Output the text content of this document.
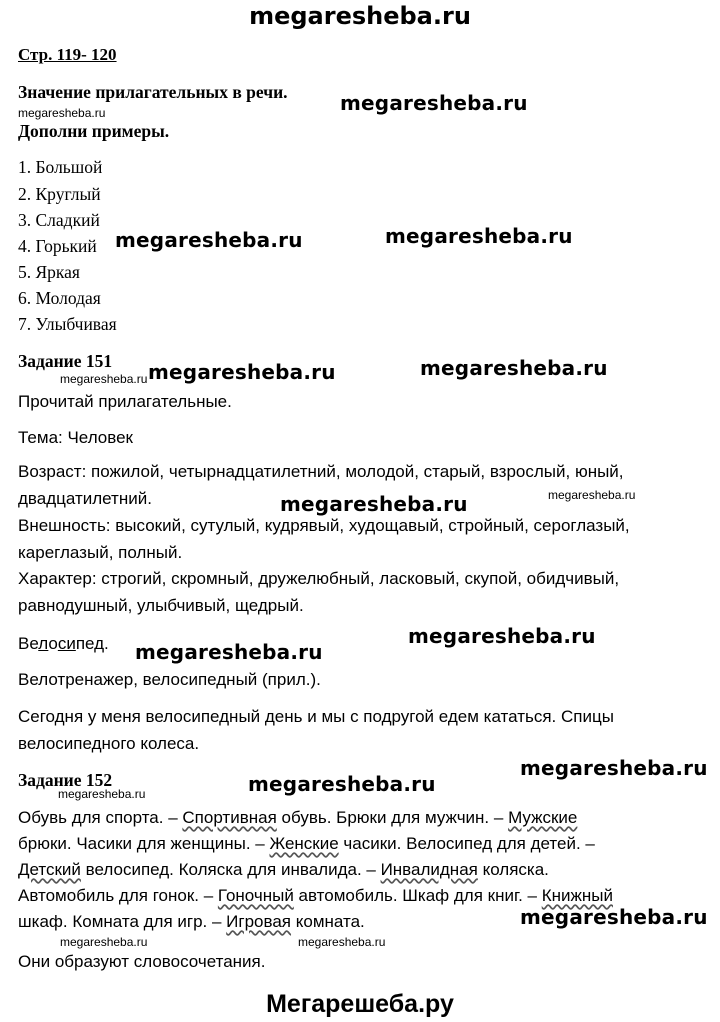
megaresheba.ru
Стр. 119- 120
Значение прилагательных в речи.
Дополни примеры.
1. Большой
2. Круглый
3. Сладкий
4. Горький
5. Яркая
6. Молодая
7. Улыбчивая
Задание 151
Прочитай прилагательные.
Тема: Человек
Возраст: пожилой, четырнадцатилетний, молодой, старый, взрослый, юный,
двадцатилетний.
Внешность: высокий, сутулый, кудрявый, худощавый, стройный, сероглазый,
кареглазый, полный.
Характер: строгий, скромный, дружелюбный, ласковый, скупой, обидчивый,
равнодушный, улыбчивый, щедрый.
Велосипед.
Велотренажер, велосипедный (прил.).
Сегодня у меня велосипедный день и мы с подругой едем кататься. Спицы
велосипедного колеса.
Задание 152
Обувь для спорта. – Спортивная обувь. Брюки для мужчин. – Мужские
брюки. Часики для женщины. – Женские часики. Велосипед для детей. –
Детский велосипед. Коляска для инвалида. – Инвалидная коляска.
Автомобиль для гонок. – Гоночный автомобиль. Шкаф для книг. – Книжный
шкаф. Комната для игр. – Игровая комната.
Они образуют словосочетания.
Мегарешеба.ру
megaresheba.ru
megaresheba.ru	megaresheba.ru
megaresheba.ru	megaresheba.ru
megaresheba.ru
megaresheba.ru
megaresheba.ru
megaresheba.ru
megaresheba.ru
megaresheba.ru
megaresheba.ru
megaresheba.ru
megaresheba.ru
megaresheba.ru
megaresheba.ru	megaresheba.ru
